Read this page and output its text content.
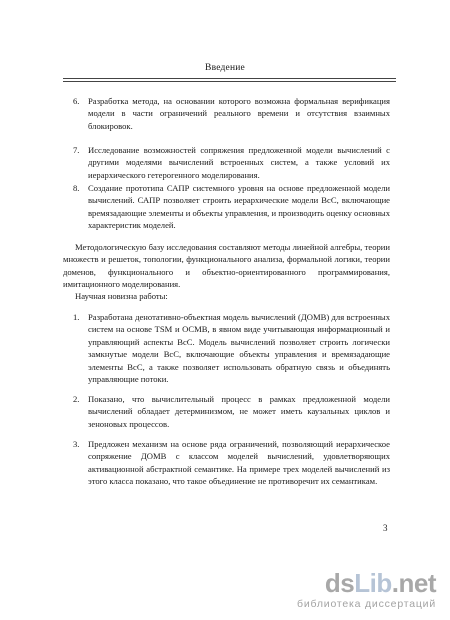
Введение
6. Разработка метода, на основании которого возможна формальная верификация модели в части ограничений реального времени и отсутствия взаимных блокировок.
7. Исследование возможностей сопряжения предложенной модели вычислений с другими моделями вычислений встроенных систем, а также условий их иерархического гетерогенного моделирования.
8. Создание прототипа САПР системного уровня на основе предложенной модели вычислений. САПР позволяет строить иерархические модели ВсС, включающие времязадающие элементы и объекты управления, и производить оценку основных характеристик моделей.
Методологическую базу исследования составляют методы линейной алгебры, теории множеств и решеток, топологии, функционального анализа, формальной логики, теории доменов, функционального и объектно-ориентированного программирования, имитационного моделирования.
Научная новизна работы:
1. Разработана денотативно-объектная модель вычислений (ДОМВ) для встроенных систем на основе TSM и OCMB, в явном виде учитывающая информационный и управляющий аспекты ВсС. Модель вычислений позволяет строить логически замкнутые модели ВсС, включающие объекты управления и времязадающие элементы ВсС, а также позволяет использовать обратную связь и объединять управляющие потоки.
2. Показано, что вычислительный процесс в рамках предложенной модели вычислений обладает детерминизмом, не может иметь каузальных циклов и зеноновых процессов.
3. Предложен механизм на основе ряда ограничений, позволяющий иерархическое сопряжение ДОМВ с классом моделей вычислений, удовлетворяющих активационной абстрактной семантике. На примере трех моделей вычислений из этого класса показано, что такое объединение не противоречит их семантикам.
3
dsLib.net
библиотека диссертаций
